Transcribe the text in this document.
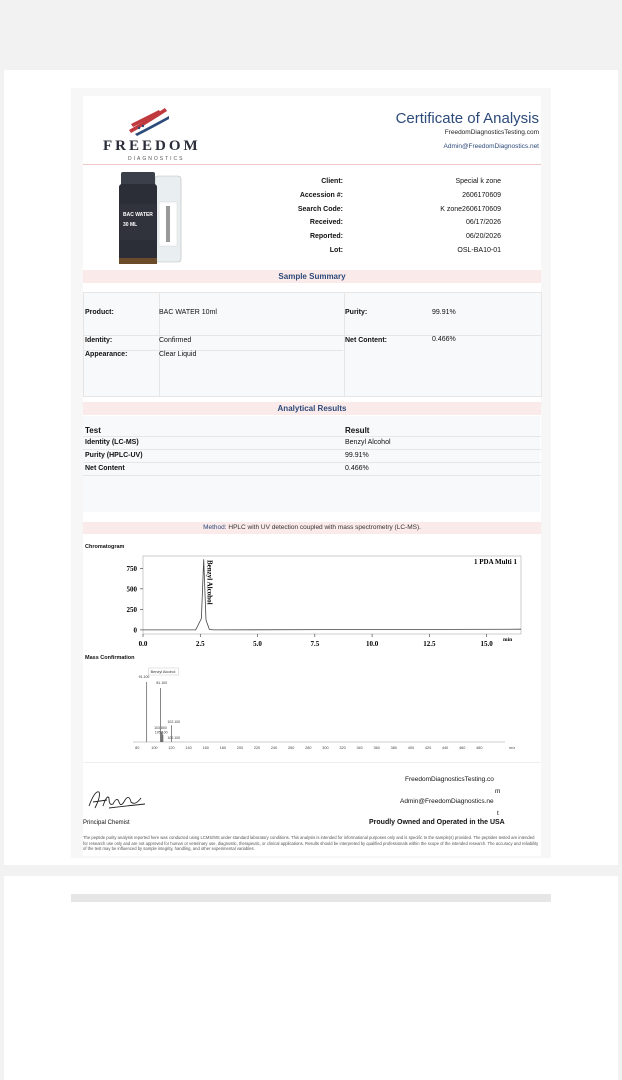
FREEDOM
DIAGNOSTICS
Certificate of Analysis
FreedomDiagnosticsTesting.com
Admin@FreedomDiagnostics.net
BAC WATER
30 ML
Client:	Special k zone
Accession #:	2606170609
Search Code:	K zone2606170609
Received:	06/17/2026
Reported:	06/20/2026
Lot:	OSL-BA10-01
Sample Summary
Product:	BAC WATER 10ml	Purity:	99.91%
Identity:	Confirmed	Net Content:	0.466%
Appearance:	Clear Liquid
Analytical Results
Test	Result
Identity (LC-MS)	Benzyl Alcohol
Purity (HPLC-UV)	99.91%
Net Content	0.466%
Method: HPLC with UV detection coupled with mass spectrometry (LC-MS).
Chromatogram
0
250
500
750
0.0	2.5	5.0	7.5	10.0	12.5	15.0 min
Benzyl Alcohol	1 PDA Multi 1
Mass Confirmation
80	100	120	140	160	180	200	220	240	260	280	300	320	340	360	380	400	420	440	460	480	m/z
91.100
81.100
102.100
103.800
105.100
102.100
Benzyl Alcohol
FreedomDiagnosticsTesting.co
m
Admin@FreedomDiagnostics.ne
t
Principal Chemist	Proudly Owned and Operated in the USA
The peptide purity analysis reported here was conducted using LCMS/MS under standard laboratory conditions. This analysis is intended for informational purposes only and is specific to the sample(s) provided. The peptides tested are intended for research use only and are not approved for human or veterinary use, diagnostic, therapeutic, or clinical applications. Results should be interpreted by qualified professionals within the scope of the intended research. The accuracy and reliability of the test may be influenced by sample integrity, handling, and other experimental variables.
